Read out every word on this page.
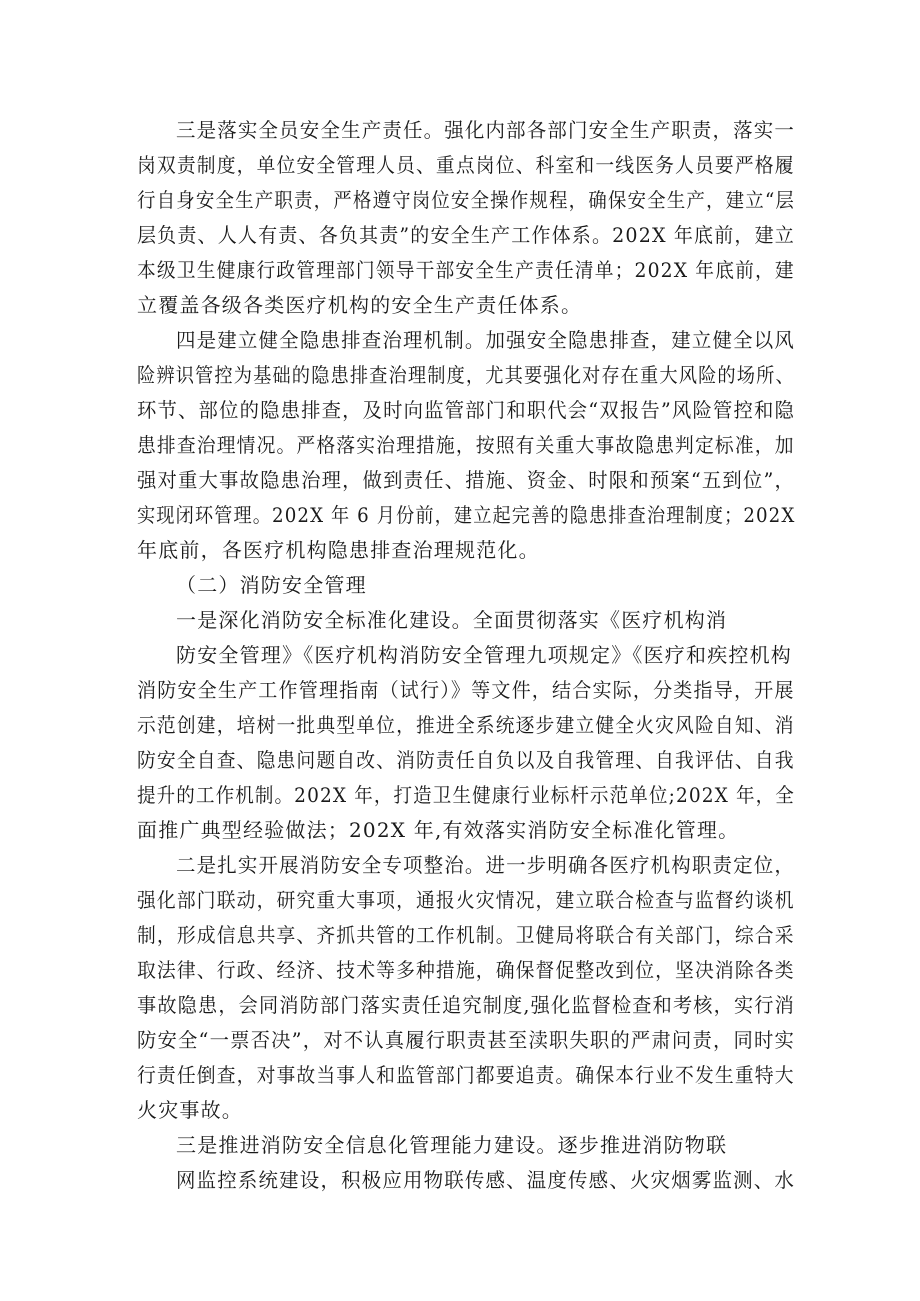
三是落实全员安全生产责任。强化内部各部门安全生产职责，落实一
岗双责制度，单位安全管理人员、重点岗位、科室和一线医务人员要严格履
行自身安全生产职责，严格遵守岗位安全操作规程，确保安全生产，建立“层
层负责、人人有责、各负其责”的安全生产工作体系。202X 年底前，建立
本级卫生健康行政管理部门领导干部安全生产责任清单；202X 年底前，建
立覆盖各级各类医疗机构的安全生产责任体系。
四是建立健全隐患排查治理机制。加强安全隐患排查，建立健全以风
险辨识管控为基础的隐患排查治理制度，尤其要强化对存在重大风险的场所、
环节、部位的隐患排查，及时向监管部门和职代会“双报告”风险管控和隐
患排查治理情况。严格落实治理措施，按照有关重大事故隐患判定标准，加
强对重大事故隐患治理，做到责任、措施、资金、时限和预案“五到位”，
实现闭环管理。202X 年 6 月份前，建立起完善的隐患排查治理制度；202X
年底前，各医疗机构隐患排查治理规范化。
（二）消防安全管理
一是深化消防安全标准化建设。全面贯彻落实《医疗机构消
防安全管理》《医疗机构消防安全管理九项规定》《医疗和疾控机构
消防安全生产工作管理指南（试行）》等文件，结合实际，分类指导，开展
示范创建，培树一批典型单位，推进全系统逐步建立健全火灾风险自知、消
防安全自查、隐患问题自改、消防责任自负以及自我管理、自我评估、自我
提升的工作机制。202X 年，打造卫生健康行业标杆示范单位;202X 年，全
面推广典型经验做法；202X 年,有效落实消防安全标准化管理。
二是扎实开展消防安全专项整治。进一步明确各医疗机构职责定位，
强化部门联动，研究重大事项，通报火灾情况，建立联合检查与监督约谈机
制，形成信息共享、齐抓共管的工作机制。卫健局将联合有关部门，综合采
取法律、行政、经济、技术等多种措施，确保督促整改到位，坚决消除各类
事故隐患，会同消防部门落实责任追究制度,强化监督检查和考核，实行消
防安全“一票否决”，对不认真履行职责甚至渎职失职的严肃问责，同时实
行责任倒查，对事故当事人和监管部门都要追责。确保本行业不发生重特大
火灾事故。
三是推进消防安全信息化管理能力建设。逐步推进消防物联
网监控系统建设，积极应用物联传感、温度传感、火灾烟雾监测、水
